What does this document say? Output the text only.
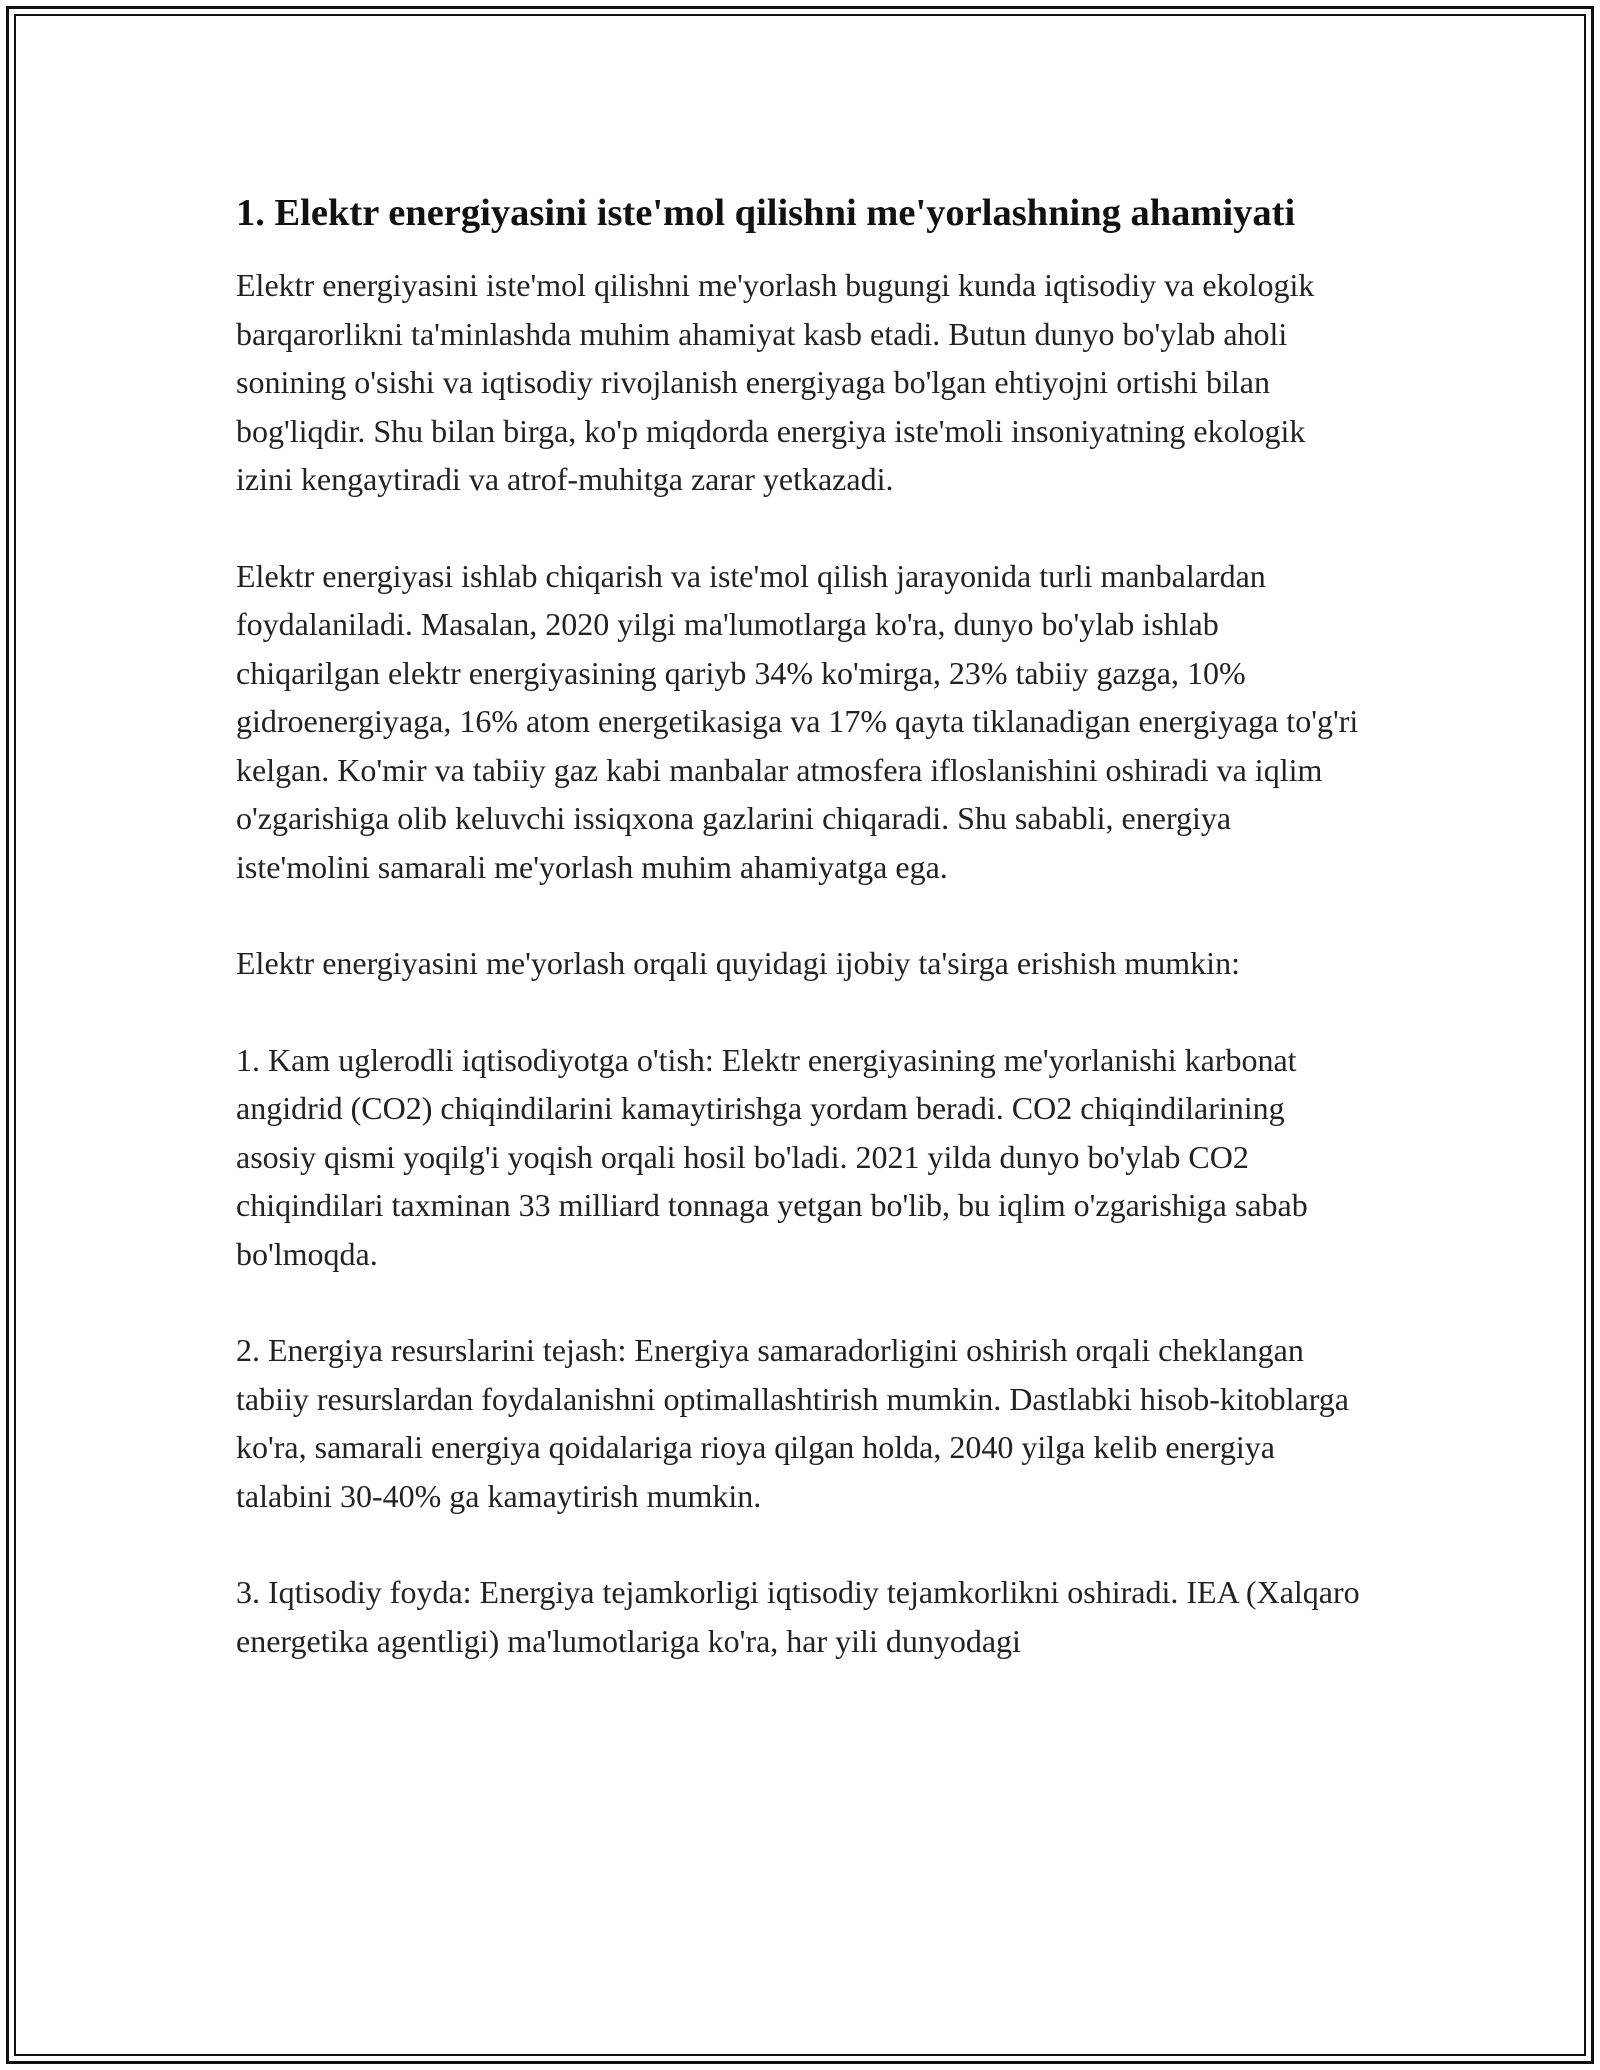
1. Elektr energiyasini iste'mol qilishni me'yorlashning ahamiyati

Elektr energiyasini iste'mol qilishni me'yorlash bugungi kunda iqtisodiy va ekologik barqarorlikni ta'minlashda muhim ahamiyat kasb etadi. Butun dunyo bo'ylab aholi sonining o'sishi va iqtisodiy rivojlanish energiyaga bo'lgan ehtiyojni ortishi bilan bog'liqdir. Shu bilan birga, ko'p miqdorda energiya iste'moli insoniyatning ekologik izini kengaytiradi va atrof-muhitga zarar yetkazadi.

Elektr energiyasi ishlab chiqarish va iste'mol qilish jarayonida turli manbalardan foydalaniladi. Masalan, 2020 yilgi ma'lumotlarga ko'ra, dunyo bo'ylab ishlab chiqarilgan elektr energiyasining qariyb 34% ko'mirga, 23% tabiiy gazga, 10% gidroenergiyaga, 16% atom energetikasiga va 17% qayta tiklanadigan energiyaga to'g'ri kelgan. Ko'mir va tabiiy gaz kabi manbalar atmosfera ifloslanishini oshiradi va iqlim o'zgarishiga olib keluvchi issiqxona gazlarini chiqaradi. Shu sababli, energiya iste'molini samarali me'yorlash muhim ahamiyatga ega.

Elektr energiyasini me'yorlash orqali quyidagi ijobiy ta'sirga erishish mumkin:

1. Kam uglerodli iqtisodiyotga o'tish: Elektr energiyasining me'yorlanishi karbonat angidrid (CO2) chiqindilarini kamaytirishga yordam beradi. CO2 chiqindilarining asosiy qismi yoqilg'i yoqish orqali hosil bo'ladi. 2021 yilda dunyo bo'ylab CO2 chiqindilari taxminan 33 milliard tonnaga yetgan bo'lib, bu iqlim o'zgarishiga sabab bo'lmoqda.

2. Energiya resurslarini tejash: Energiya samaradorligini oshirish orqali cheklangan tabiiy resurslardan foydalanishni optimallashtirish mumkin. Dastlabki hisob-kitoblarga ko'ra, samarali energiya qoidalariga rioya qilgan holda, 2040 yilga kelib energiya talabini 30-40% ga kamaytirish mumkin.

3. Iqtisodiy foyda: Energiya tejamkorligi iqtisodiy tejamkorlikni oshiradi. IEA (Xalqaro energetika agentligi) ma'lumotlariga ko'ra, har yili dunyodagi
